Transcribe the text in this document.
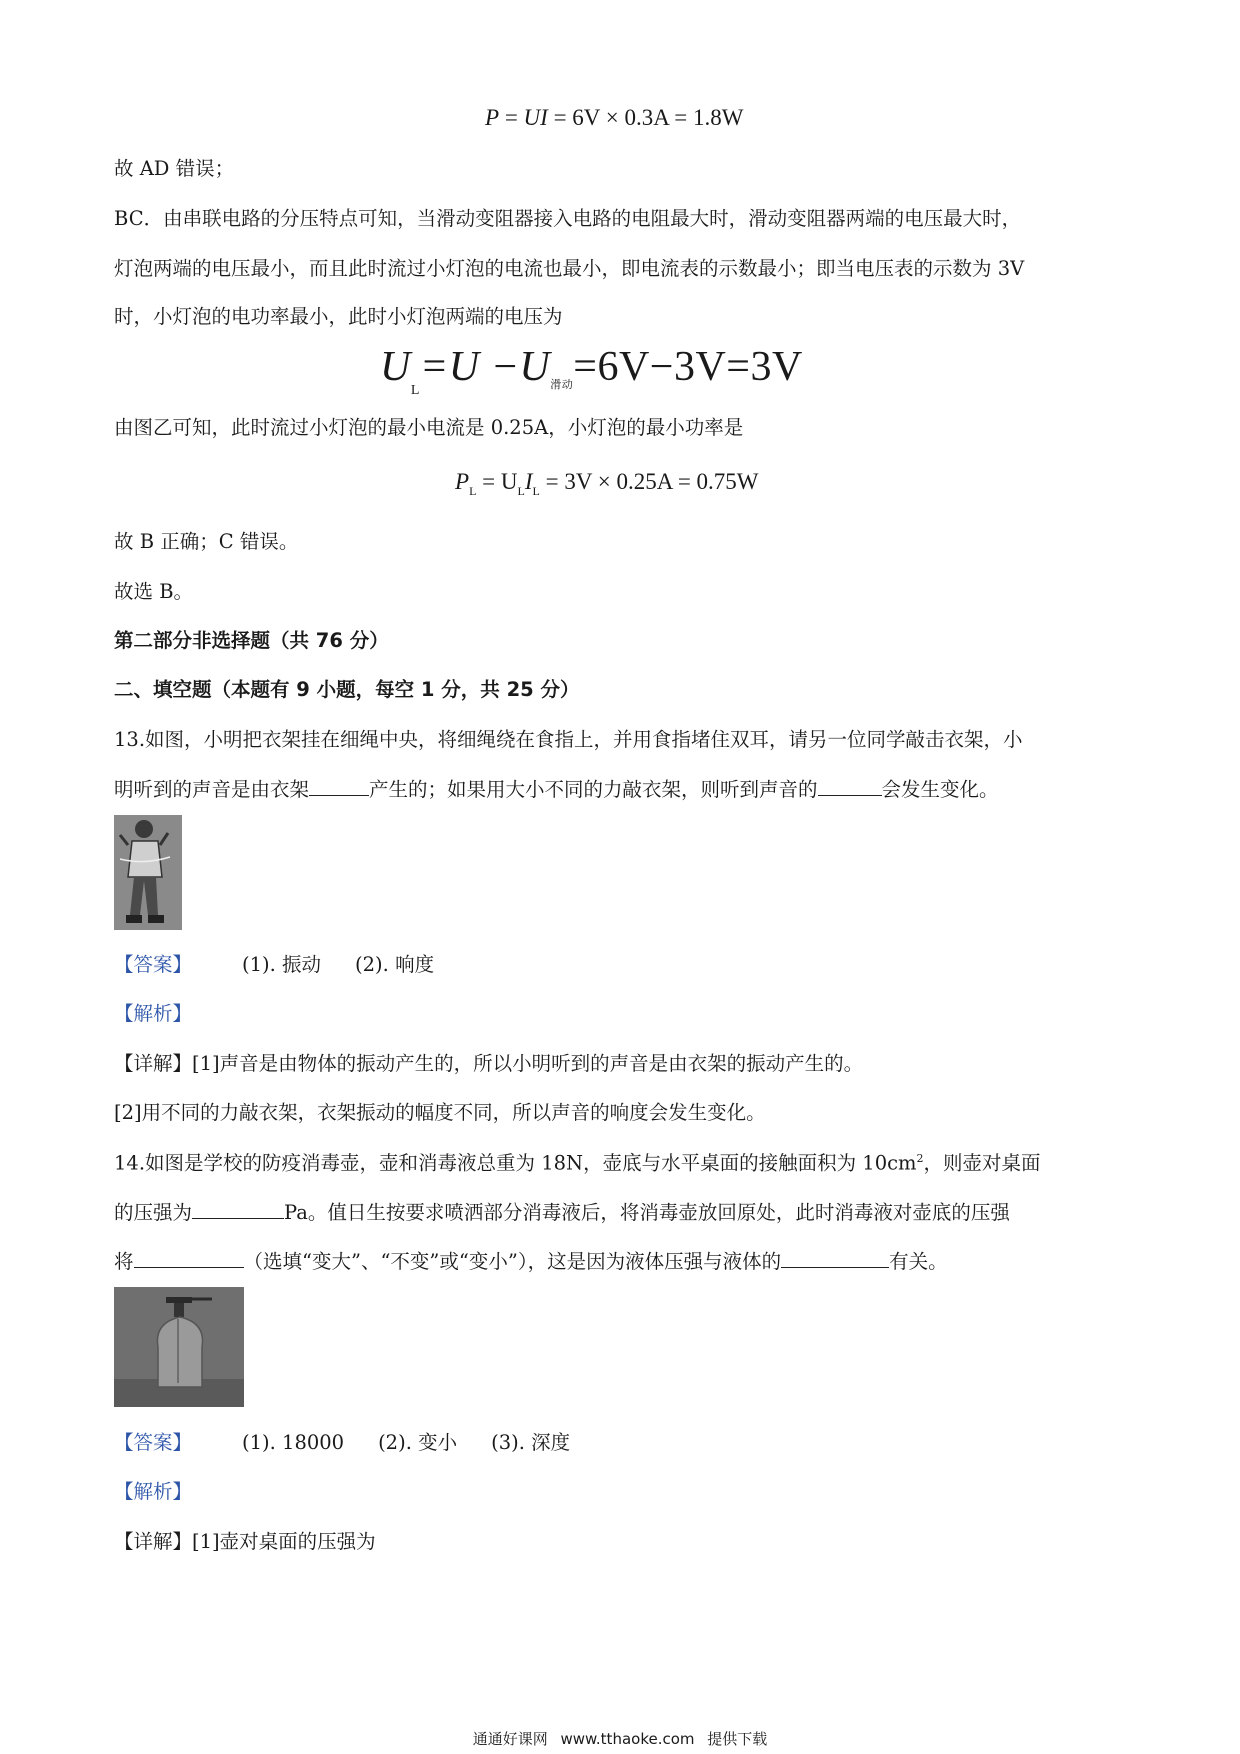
P = UI = 6V × 0.3A = 1.8W
故 AD 错误；
BC．由串联电路的分压特点可知，当滑动变阻器接入电路的电阻最大时，滑动变阻器两端的电压最大时，
灯泡两端的电压最小，而且此时流过小灯泡的电流也最小，即电流表的示数最小；即当电压表的示数为 3V
时，小灯泡的电功率最小，此时小灯泡两端的电压为
$U_L=U -U$滑动=6V−3V=3V
由图乙可知，此时流过小灯泡的最小电流是 0.25A，小灯泡的最小功率是
$P_L = U_LI_L = 3V \times 0.25A = 0.75W$
故 B 正确；C 错误。
故选 B。
第二部分非选择题（共 76 分）
二、填空题（本题有 9 小题，每空 1 分，共 25 分）
13.如图，小明把衣架挂在细绳中央，将细绳绕在食指上，并用食指堵住双耳，请另一位同学敲击衣架，小
明听到的声音是由衣架	产生的；如果用大小不同的力敲衣架，则听到声音的	会发生变化。
【答案】	(1). 振动 (2). 响度
【解析】
【详解】[1]声音是由物体的振动产生的，所以小明听到的声音是由衣架的振动产生的。
[2]用不同的力敲衣架，衣架振动的幅度不同，所以声音的响度会发生变化。
14.如图是学校的防疫消毒壶，壶和消毒液总重为 18N，壶底与水平桌面的接触面积为 $10cm^2$，则壶对桌面
的压强为	Pa。值日生按要求喷洒部分消毒液后，将消毒壶放回原处，此时消毒液对壶底的压强
将	（选填“变大”、“不变”或“变小”），这是因为液体压强与液体的	有关。
【答案】	(1). 18000 (2). 变小 (3). 深度
【解析】
【详解】[1]壶对桌面的压强为
通通好课网 www.tthaoke.com 提供下载
